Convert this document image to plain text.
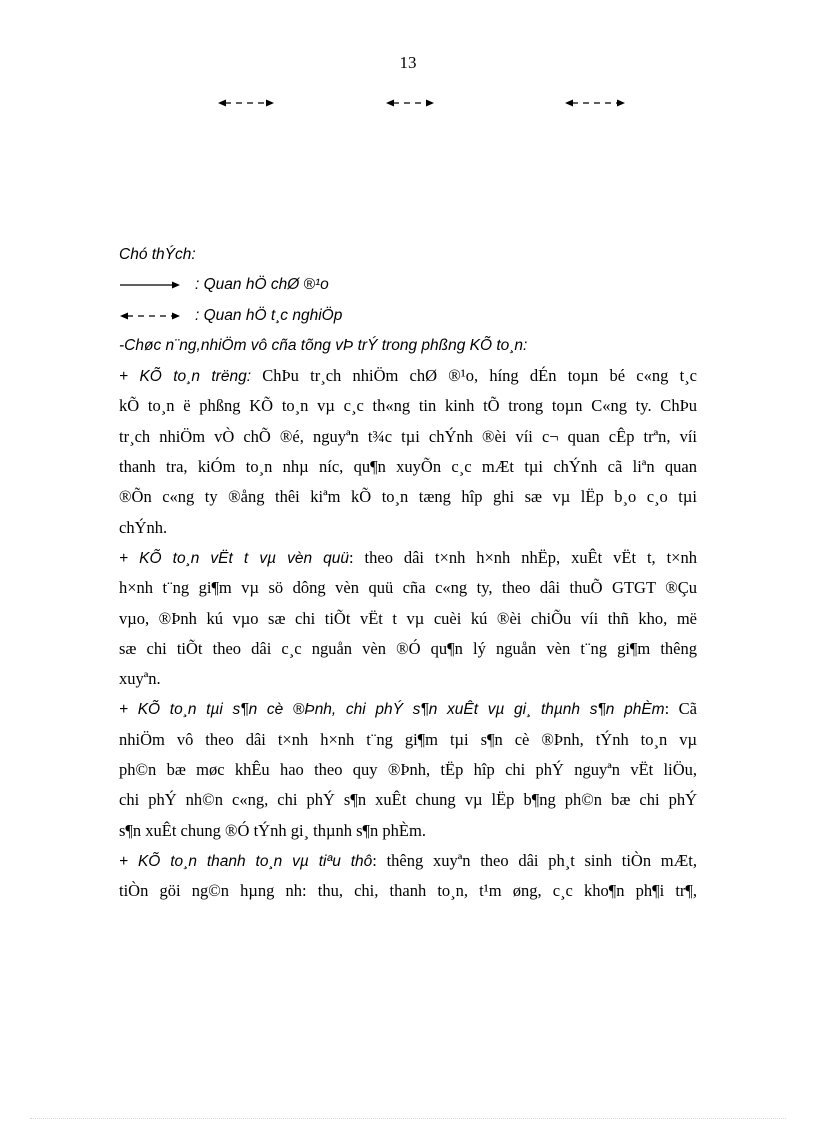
13
Chó thÝch:
: Quan hÖ chØ ®¹o
: Quan hÖ t¸c nghiÖp
-Chøc n¨ng,nhiÖm vô cña tõng vÞ trÝ trong phßng KÕ to¸n:
+ KÕ to¸n trëng: ChÞu tr¸ch nhiÖm chØ ®¹o, híng dÉn toµn bé c«ng t¸c
kÕ to¸n ë phßng KÕ to¸n vµ c¸c th«ng tin kinh tÕ trong toµn C«ng ty. ChÞu
tr¸ch nhiÖm vÒ chÕ ®é, nguyªn t¾c tµi chÝnh ®èi víi c¬ quan cÊp trªn, víi
thanh tra, kiÓm to¸n nhµ níc, qu¶n xuyÕn c¸c mÆt tµi chÝnh cã liªn quan
®Õn c«ng ty ®ång thêi kiªm kÕ to¸n tæng hîp ghi sæ vµ lËp b¸o c¸o tµi
chÝnh.
+ KÕ to¸n vËt t vµ vèn quü: theo dâi t×nh h×nh nhËp, xuÊt vËt t, t×nh
h×nh t¨ng gi¶m vµ sö dông vèn quü cña c«ng ty, theo dâi thuÕ GTGT ®Çu
vµo, ®Þnh kú vµo sæ chi tiÕt vËt t vµ cuèi kú ®èi chiÕu víi thñ kho, më
sæ chi tiÕt theo dâi c¸c nguån vèn ®Ó qu¶n lý nguån vèn t¨ng gi¶m thêng
xuyªn.
+ KÕ to¸n tµi s¶n cè ®Þnh, chi phÝ s¶n xuÊt vµ gi¸ thµnh s¶n phÈm: Cã
nhiÖm vô theo dâi t×nh h×nh t¨ng gi¶m tµi s¶n cè ®Þnh, tÝnh to¸n vµ
ph©n bæ møc khÊu hao theo quy ®Þnh, tËp hîp chi phÝ nguyªn vËt liÖu,
chi phÝ nh©n c«ng, chi phÝ s¶n xuÊt chung vµ lËp b¶ng ph©n bæ chi phÝ
s¶n xuÊt chung ®Ó tÝnh gi¸ thµnh s¶n phÈm.
+ KÕ to¸n thanh to¸n vµ tiªu thô: thêng xuyªn theo dâi ph¸t sinh tiÒn mÆt,
tiÒn göi ng©n hµng nh: thu, chi, thanh to¸n, t¹m øng, c¸c kho¶n ph¶i tr¶,
